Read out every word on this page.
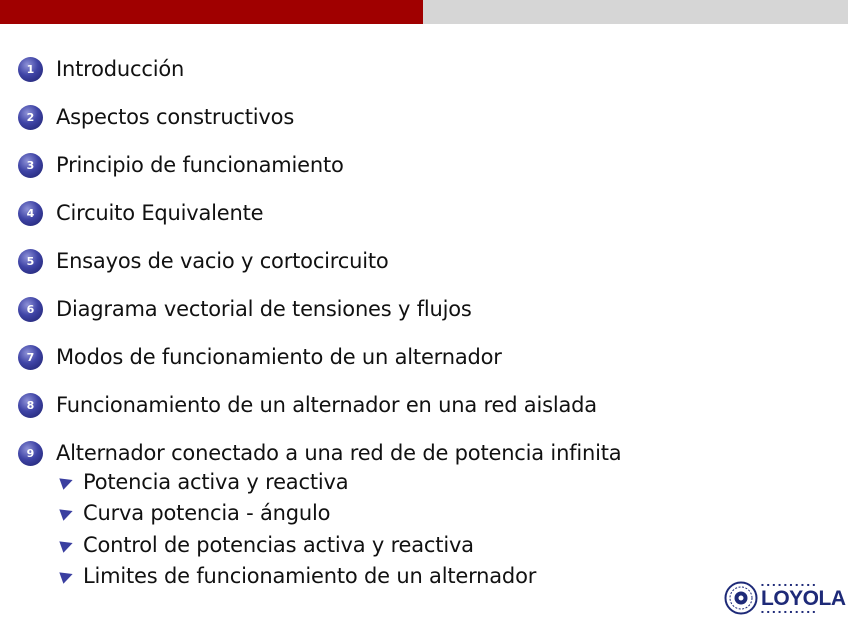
1	Introducción
2	Aspectos constructivos
3	Principio de funcionamiento
4	Circuito Equivalente
5	Ensayos de vacio y cortocircuito
6	Diagrama vectorial de tensiones y flujos
7	Modos de funcionamiento de un alternador
8	Funcionamiento de un alternador en una red aislada
9	Alternador conectado a una red de de potencia infinita
Potencia activa y reactiva
Curva potencia - ángulo
Control de potencias activa y reactiva
Limites de funcionamiento de un alternador	▪▪▪▪▪▪▪▪▪▪
LOYOLA
▪▪▪▪▪▪▪▪▪▪
